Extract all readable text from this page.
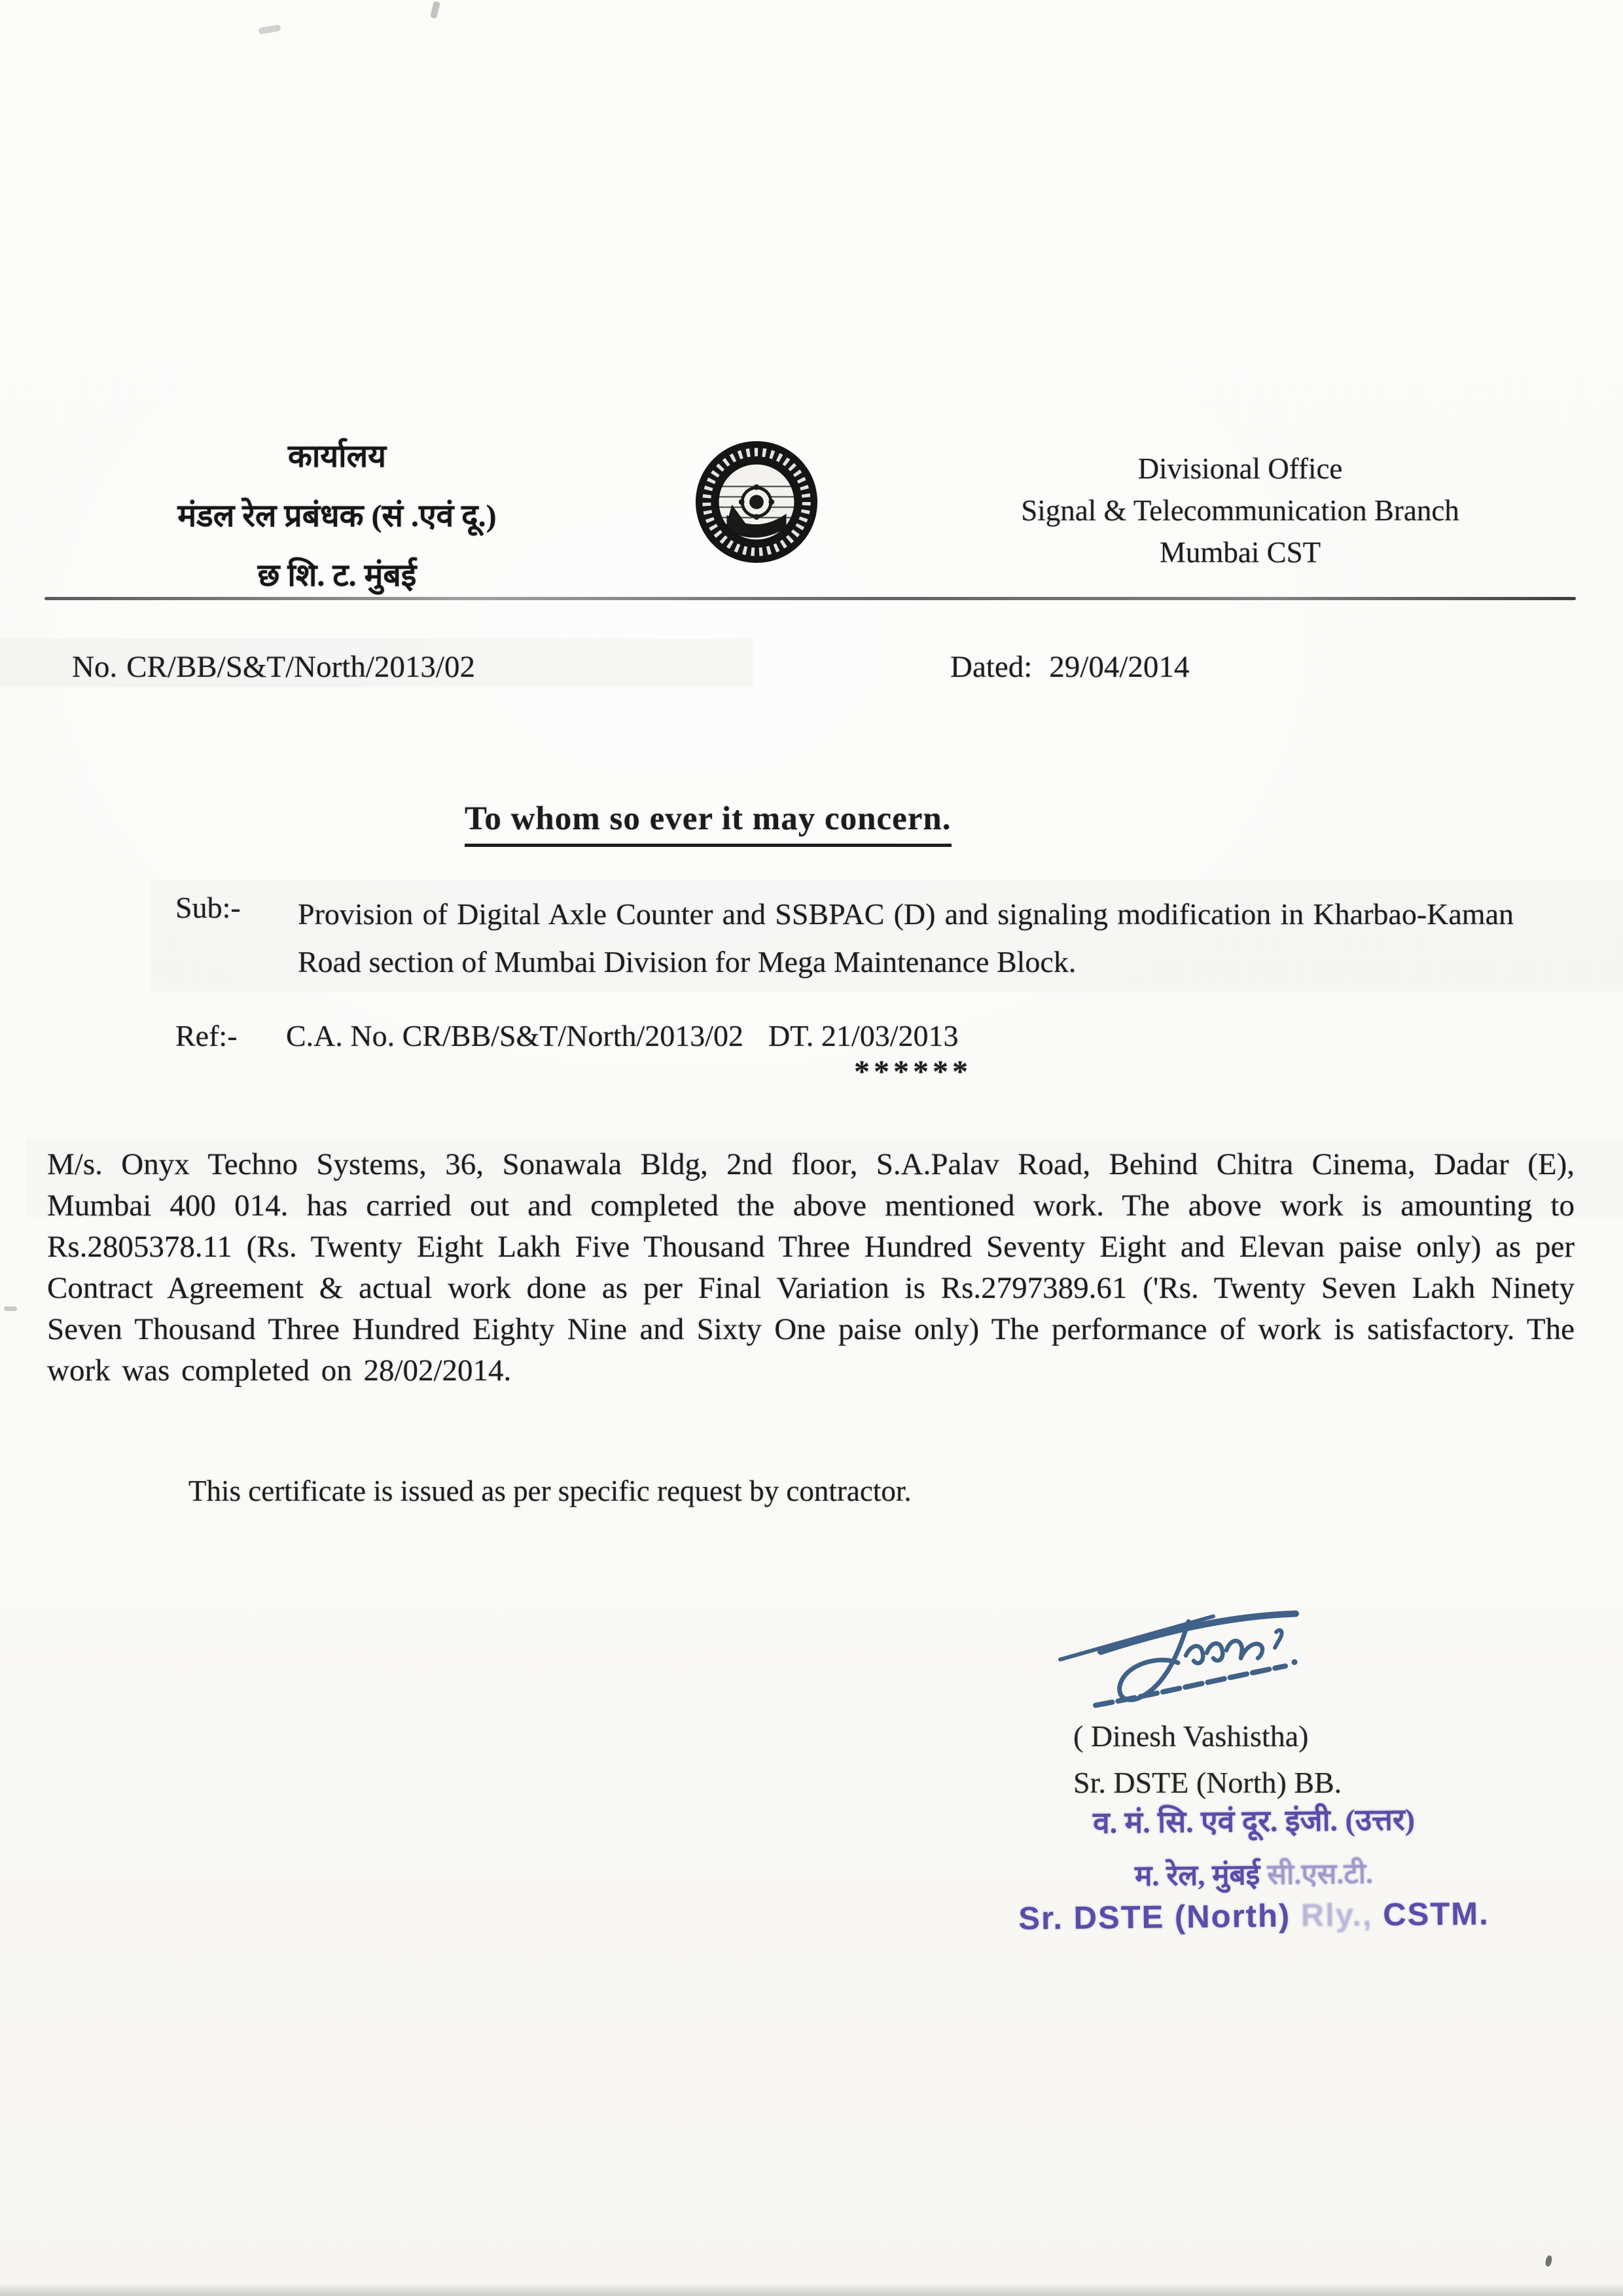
कार्यालय
मंडल रेल प्रबंधक (सं .एवं दू.)
छ शि. ट. मुंबई
Divisional Office
Signal & Telecommunication Branch
Mumbai CST
No. CR/BB/S&T/North/2013/02	Dated: 29/04/2014
To whom so ever it may concern.
Sub:- Provision of Digital Axle Counter and SSBPAC (D) and signaling modification in Kharbao-Kaman Road section of Mumbai Division for Mega Maintenance Block.
Ref:- C.A. No. CR/BB/S&T/North/2013/02 DT. 21/03/2013
******

M/s. Onyx Techno Systems, 36, Sonawala Bldg, 2nd floor, S.A.Palav Road, Behind Chitra Cinema, Dadar (E), Mumbai 400 014. has carried out and completed the above mentioned work. The above work is amounting to Rs.2805378.11 (Rs. Twenty Eight Lakh Five Thousand Three Hundred Seventy Eight and Elevan paise only) as per Contract Agreement & actual work done as per Final Variation is Rs.2797389.61 ('Rs. Twenty Seven Lakh Ninety Seven Thousand Three Hundred Eighty Nine and Sixty One paise only) The performance of work is satisfactory. The work was completed on 28/02/2014.

This certificate is issued as per specific request by contractor.

( Dinesh Vashistha)
Sr. DSTE (North) BB.
व. मं. सि. एवं दूर. इंजी. (उत्तर)
म. रेल, मुंबई सी.एस.टी.
Sr. DSTE (North) Rly., CSTM.
